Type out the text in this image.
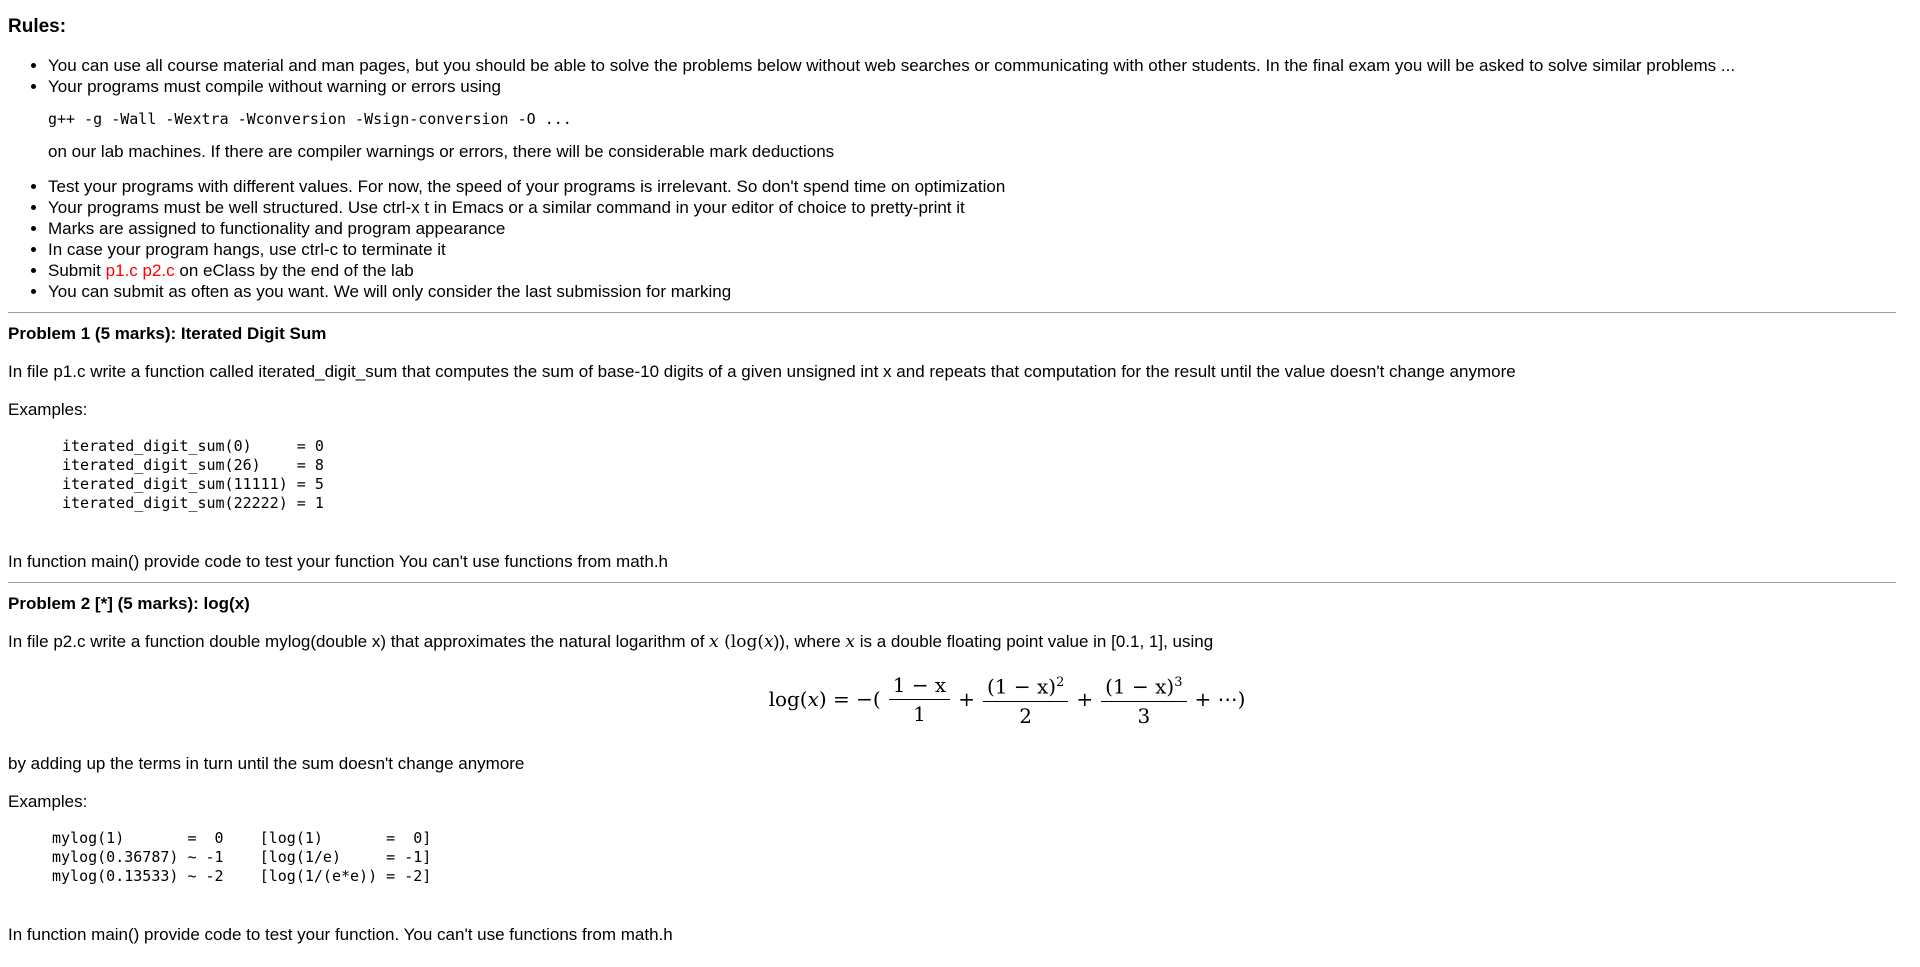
Rules:
• You can use all course material and man pages, but you should be able to solve the problems below without web searches or communicating with other students. In the final exam you will be asked to solve similar problems ...
• Your programs must compile without warning or errors using
g++ -g -Wall -Wextra -Wconversion -Wsign-conversion -O ...
on our lab machines. If there are compiler warnings or errors, there will be considerable mark deductions
• Test your programs with different values. For now, the speed of your programs is irrelevant. So don't spend time on optimization
• Your programs must be well structured. Use ctrl-x t in Emacs or a similar command in your editor of choice to pretty-print it
• Marks are assigned to functionality and program appearance
• In case your program hangs, use ctrl-c to terminate it
• Submit p1.c p2.c on eClass by the end of the lab
• You can submit as often as you want. We will only consider the last submission for marking
Problem 1 (5 marks): Iterated Digit Sum

In file p1.c write a function called iterated_digit_sum that computes the sum of base-10 digits of a given unsigned int x and repeats that computation for the result until the value doesn't change anymore

Examples:

iterated_digit_sum(0)     = 0
iterated_digit_sum(26)    = 8
iterated_digit_sum(11111) = 5
iterated_digit_sum(22222) = 1

In function main() provide code to test your function You can't use functions from math.h

Problem 2 [*] (5 marks): log(x)

In file p2.c write a function double mylog(double x) that approximates the natural logarithm of x (log(x)), where x is a double floating point value in [0.1, 1], using

log(x) = −( $\frac{1 - x}{1} + \frac{(1 - x)^2}{2} + \frac{(1 - x)^3}{3}$ + ⋯)

by adding up the terms in turn until the sum doesn't change anymore

Examples:

mylog(1)       =  0    [log(1)       =  0]
mylog(0.36787) ~ -1    [log(1/e)     = -1]
mylog(0.13533) ~ -2    [log(1/(e*e)) = -2]

In function main() provide code to test your function. You can't use functions from math.h
